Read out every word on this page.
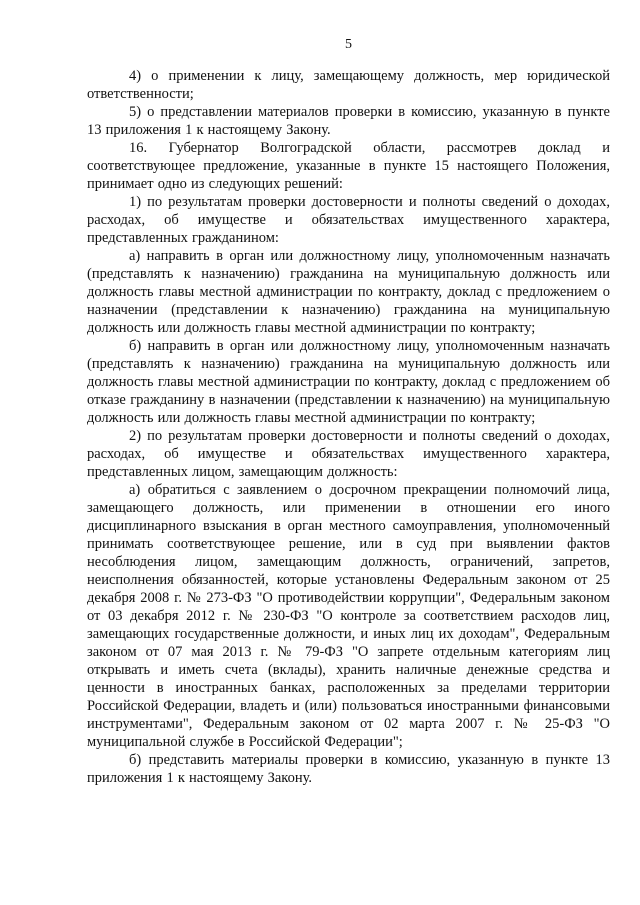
5

4) о применении к лицу, замещающему должность, мер юридической ответственности;

5) о представлении материалов проверки в комиссию, указанную в пункте 13 приложения 1 к настоящему Закону.

16. Губернатор Волгоградской области, рассмотрев доклад и соответствующее предложение, указанные в пункте 15 настоящего Положения, принимает одно из следующих решений:

1) по результатам проверки достоверности и полноты сведений о доходах, расходах, об имуществе и обязательствах имущественного характера, представленных гражданином:

а) направить в орган или должностному лицу, уполномоченным назначать (представлять к назначению) гражданина на муниципальную должность или должность главы местной администрации по контракту, доклад с предложением о назначении (представлении к назначению) гражданина на муниципальную должность или должность главы местной администрации по контракту;

б) направить в орган или должностному лицу, уполномоченным назначать (представлять к назначению) гражданина на муниципальную должность или должность главы местной администрации по контракту, доклад с предложением об отказе гражданину в назначении (представлении к назначению) на муниципальную должность или должность главы местной администрации по контракту;

2) по результатам проверки достоверности и полноты сведений о доходах, расходах, об имуществе и обязательствах имущественного характера, представленных лицом, замещающим должность:

а) обратиться с заявлением о досрочном прекращении полномочий лица, замещающего должность, или применении в отношении его иного дисциплинарного взыскания в орган местного самоуправления, уполномоченный принимать соответствующее решение, или в суд при выявлении фактов несоблюдения лицом, замещающим должность, ограничений, запретов, неисполнения обязанностей, которые установлены Федеральным законом от 25 декабря 2008 г. № 273-ФЗ "О противодействии коррупции", Федеральным законом от 03 декабря 2012 г. № 230-ФЗ "О контроле за соответствием расходов лиц, замещающих государственные должности, и иных лиц их доходам", Федеральным законом от 07 мая 2013 г. № 79-ФЗ "О запрете отдельным категориям лиц открывать и иметь счета (вклады), хранить наличные денежные средства и ценности в иностранных банках, расположенных за пределами территории Российской Федерации, владеть и (или) пользоваться иностранными финансовыми инструментами", Федеральным законом от 02 марта 2007 г. № 25-ФЗ "О муниципальной службе в Российской Федерации";

б) представить материалы проверки в комиссию, указанную в пункте 13 приложения 1 к настоящему Закону.
